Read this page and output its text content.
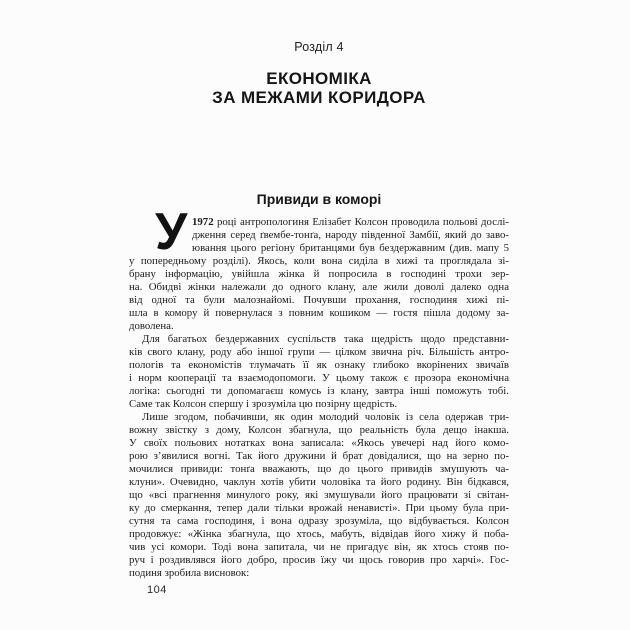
Розділ 4
ЕКОНОМІКА
ЗА МЕЖАМИ КОРИДОРА
Привиди в коморі
У 1972 році антропологиня Елізабет Колсон проводила польові дослі-
дження серед ґвембе-тонґа, народу південної Замбії, який до заво-
ювання цього регіону британцями був бездержавним (див. мапу 5
у попередньому розділі). Якось, коли вона сиділа в хижі та проглядала зі-
брану інформацію, увійшла жінка й попросила в господині трохи зер-
на. Обидві жінки належали до одного клану, але жили доволі далеко одна
від одної та були малознайомі. Почувши прохання, господиня хижі пі-
шла в комору й повернулася з повним кошиком — гостя пішла додому за-
доволена.
Для багатьох бездержавних суспільств така щедрість щодо представни-
ків свого клану, роду або іншої групи — цілком звична річ. Більшість антро-
пологів та економістів тлумачать її як ознаку глибоко вкорінених звичаїв
і норм кооперації та взаємодопомоги. У цьому також є прозора економічна
логіка: сьогодні ти допомагаєш комусь із клану, завтра інші поможуть тобі.
Саме так Колсон спершу і зрозуміла цю позірну щедрість.
Лише згодом, побачивши, як один молодий чоловік із села одержав три-
вожну звістку з дому, Колсон збагнула, що реальність була дещо інакша.
У своїх польових нотатках вона записала: «Якось увечері над його комо-
рою з’явилися вогні. Так його дружини й брат довідалися, що на зерно по-
мочилися привиди: тонґа вважають, що до цього привидів змушують ча-
клуни». Очевидно, чаклун хотів убити чоловіка та його родину. Він бідкався,
що «всі прагнення минулого року, які змушували його працювати зі світан-
ку до смеркання, тепер дали тільки врожай ненависті». При цьому була при-
сутня та сама господиня, і вона одразу зрозуміла, що відбувається. Колсон
продовжує: «Жінка збагнула, що хтось, мабуть, відвідав його хижу й поба-
чив усі комори. Тоді вона запитала, чи не пригадує він, як хтось стояв по-
руч і роздивлявся його добро, просив їжу чи щось говорив про харчі». Гос-
подиня зробила висновок:
104
